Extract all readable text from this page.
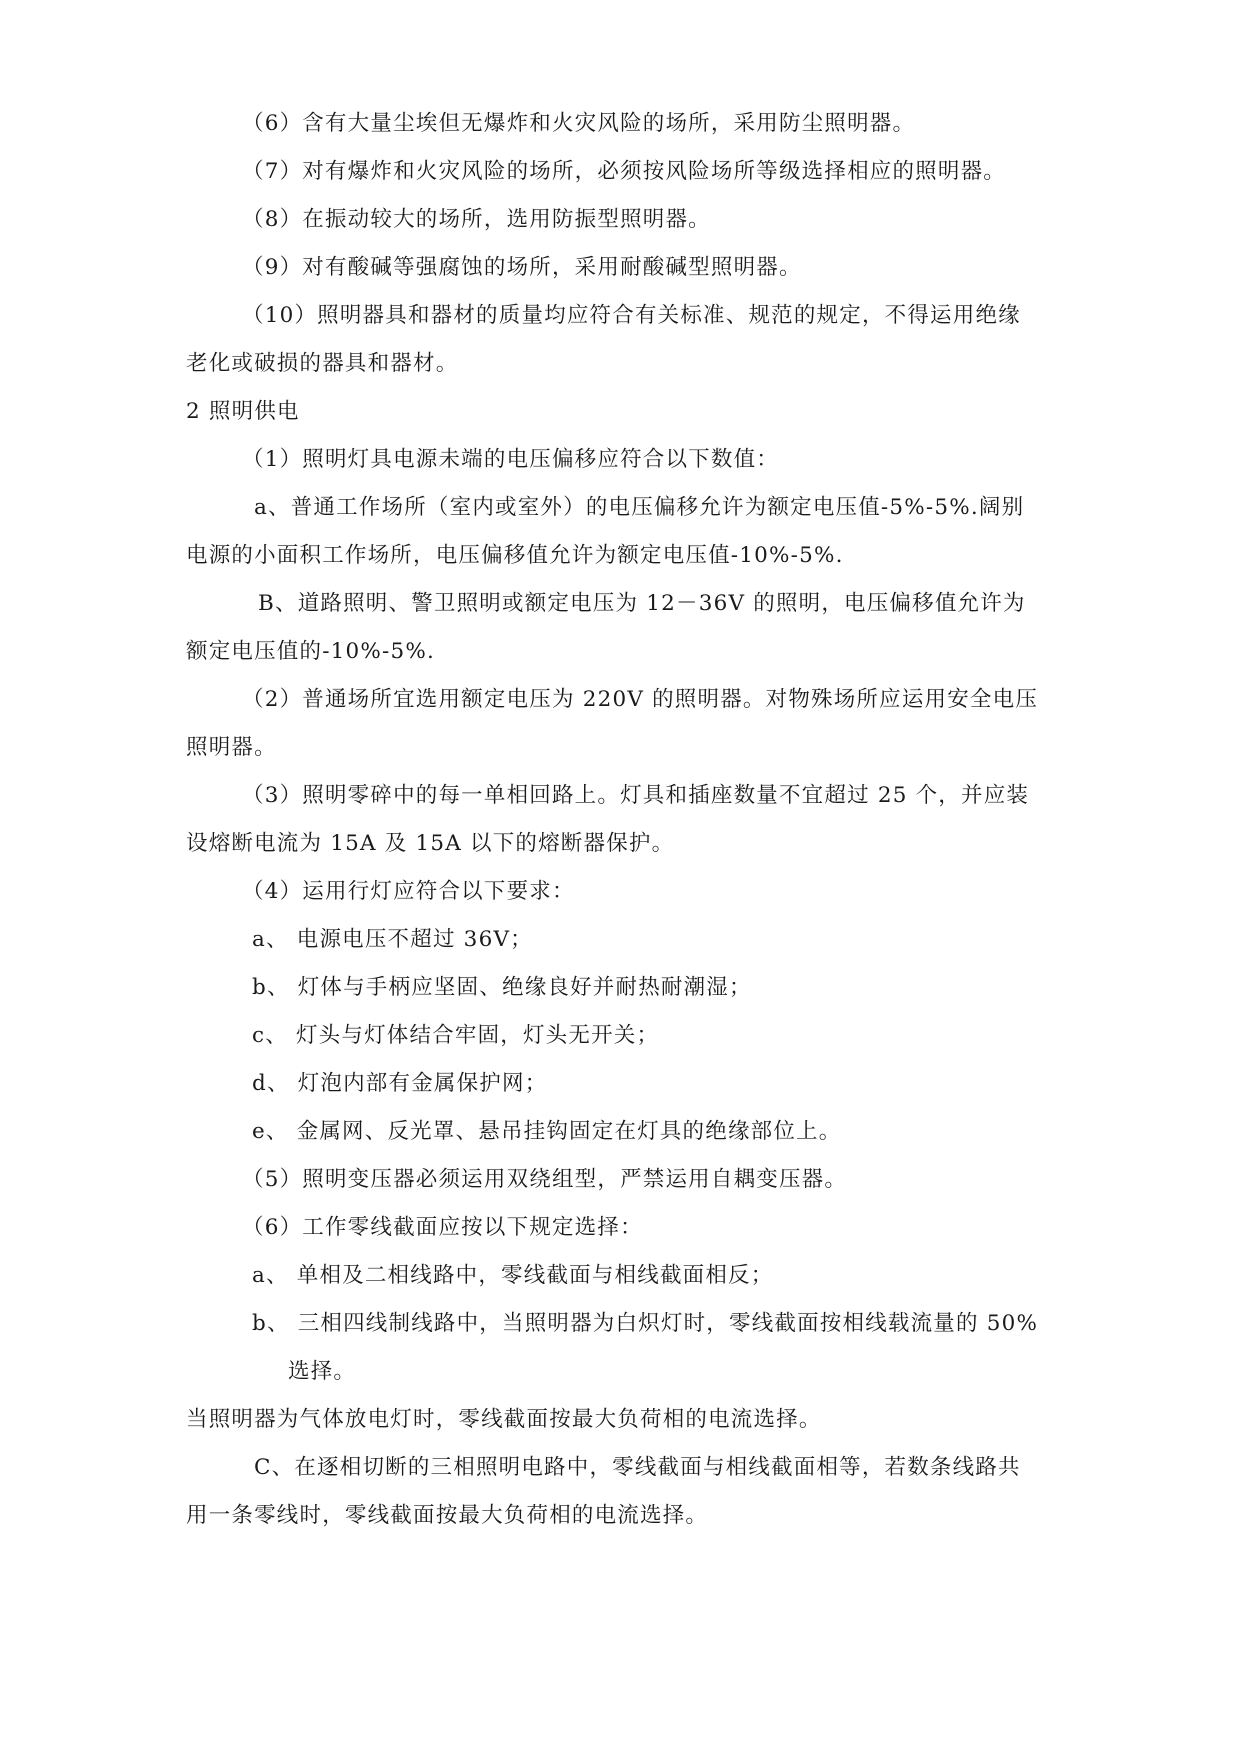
（6）含有大量尘埃但无爆炸和火灾风险的场所，采用防尘照明器。

（7）对有爆炸和火灾风险的场所，必须按风险场所等级选择相应的照明器。

（8）在振动较大的场所，选用防振型照明器。

（9）对有酸碱等强腐蚀的场所，采用耐酸碱型照明器。

（10）照明器具和器材的质量均应符合有关标准、规范的规定，不得运用绝缘

老化或破损的器具和器材。

2 照明供电

（1）照明灯具电源未端的电压偏移应符合以下数值：

a、普通工作场所（室内或室外）的电压偏移允许为额定电压值-5%-5%.阔别

电源的小面积工作场所，电压偏移值允许为额定电压值-10%-5%.

B、道路照明、警卫照明或额定电压为 12－36V 的照明，电压偏移值允许为

额定电压值的-10%-5%.

（2）普通场所宜选用额定电压为 220V 的照明器。对物殊场所应运用安全电压

照明器。

（3）照明零碎中的每一单相回路上。灯具和插座数量不宜超过 25 个，并应装

设熔断电流为 15A 及 15A 以下的熔断器保护。

（4）运用行灯应符合以下要求：

a、 电源电压不超过 36V；

b、 灯体与手柄应坚固、绝缘良好并耐热耐潮湿；

c、 灯头与灯体结合牢固，灯头无开关；

d、 灯泡内部有金属保护网；

e、 金属网、反光罩、悬吊挂钩固定在灯具的绝缘部位上。

（5）照明变压器必须运用双绕组型，严禁运用自耦变压器。

（6）工作零线截面应按以下规定选择：

a、 单相及二相线路中，零线截面与相线截面相反；

b、 三相四线制线路中，当照明器为白炽灯时，零线截面按相线载流量的 50%

选择。

当照明器为气体放电灯时，零线截面按最大负荷相的电流选择。

C、在逐相切断的三相照明电路中，零线截面与相线截面相等，若数条线路共

用一条零线时，零线截面按最大负荷相的电流选择。
